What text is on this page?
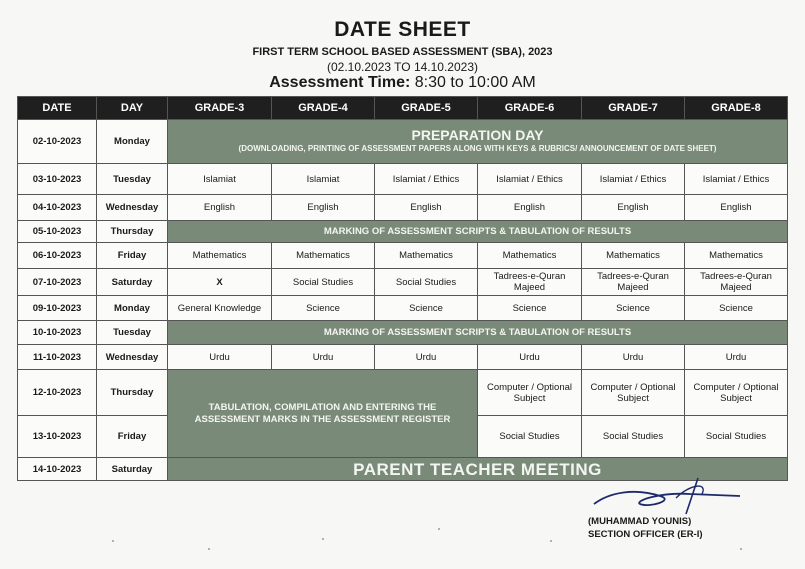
DATE SHEET
FIRST TERM SCHOOL BASED ASSESSMENT (SBA), 2023
(02.10.2023 TO 14.10.2023)
Assessment Time: 8:30 to 10:00 AM
DATE	DAY	GRADE-3	GRADE-4	GRADE-5	GRADE-6	GRADE-7	GRADE-8
02-10-2023	Monday	PREPARATION DAY
(DOWNLOADING, PRINTING OF ASSESSMENT PAPERS ALONG WITH KEYS & RUBRICS/ ANNOUNCEMENT OF DATE SHEET)					

03-10-2023	Tuesday	Islamiat	Islamiat	Islamiat / Ethics	Islamiat / Ethics	Islamiat / Ethics	Islamiat / Ethics
04-10-2023	Wednesday	English	English	English	English	English	English
05-10-2023	Thursday	MARKING OF ASSESSMENT SCRIPTS & TABULATION OF RESULTS					
06-10-2023	Friday	Mathematics	Mathematics	Mathematics	Mathematics	Mathematics	Mathematics
07-10-2023	Saturday	X	Social Studies	Social Studies	Tadrees-e-Quran Majeed	Tadrees-e-Quran Majeed	Tadrees-e-Quran Majeed
09-10-2023	Monday	General Knowledge	Science	Science	Science	Science	Science
10-10-2023	Tuesday	MARKING OF ASSESSMENT SCRIPTS & TABULATION OF RESULTS					
11-10-2023	Wednesday	Urdu	Urdu	Urdu	Urdu	Urdu	Urdu
12-10-2023	Thursday	TABULATION, COMPILATION AND ENTERING THE ASSESSMENT MARKS IN THE ASSESSMENT REGISTER			Computer / Optional Subject	Computer / Optional Subject	Computer / Optional Subject
13-10-2023	Friday				Social Studies	Social Studies	Social Studies
14-10-2023	Saturday	PARENT TEACHER MEETING					
(MUHAMMAD YOUNIS)
SECTION OFFICER (ER-I)
